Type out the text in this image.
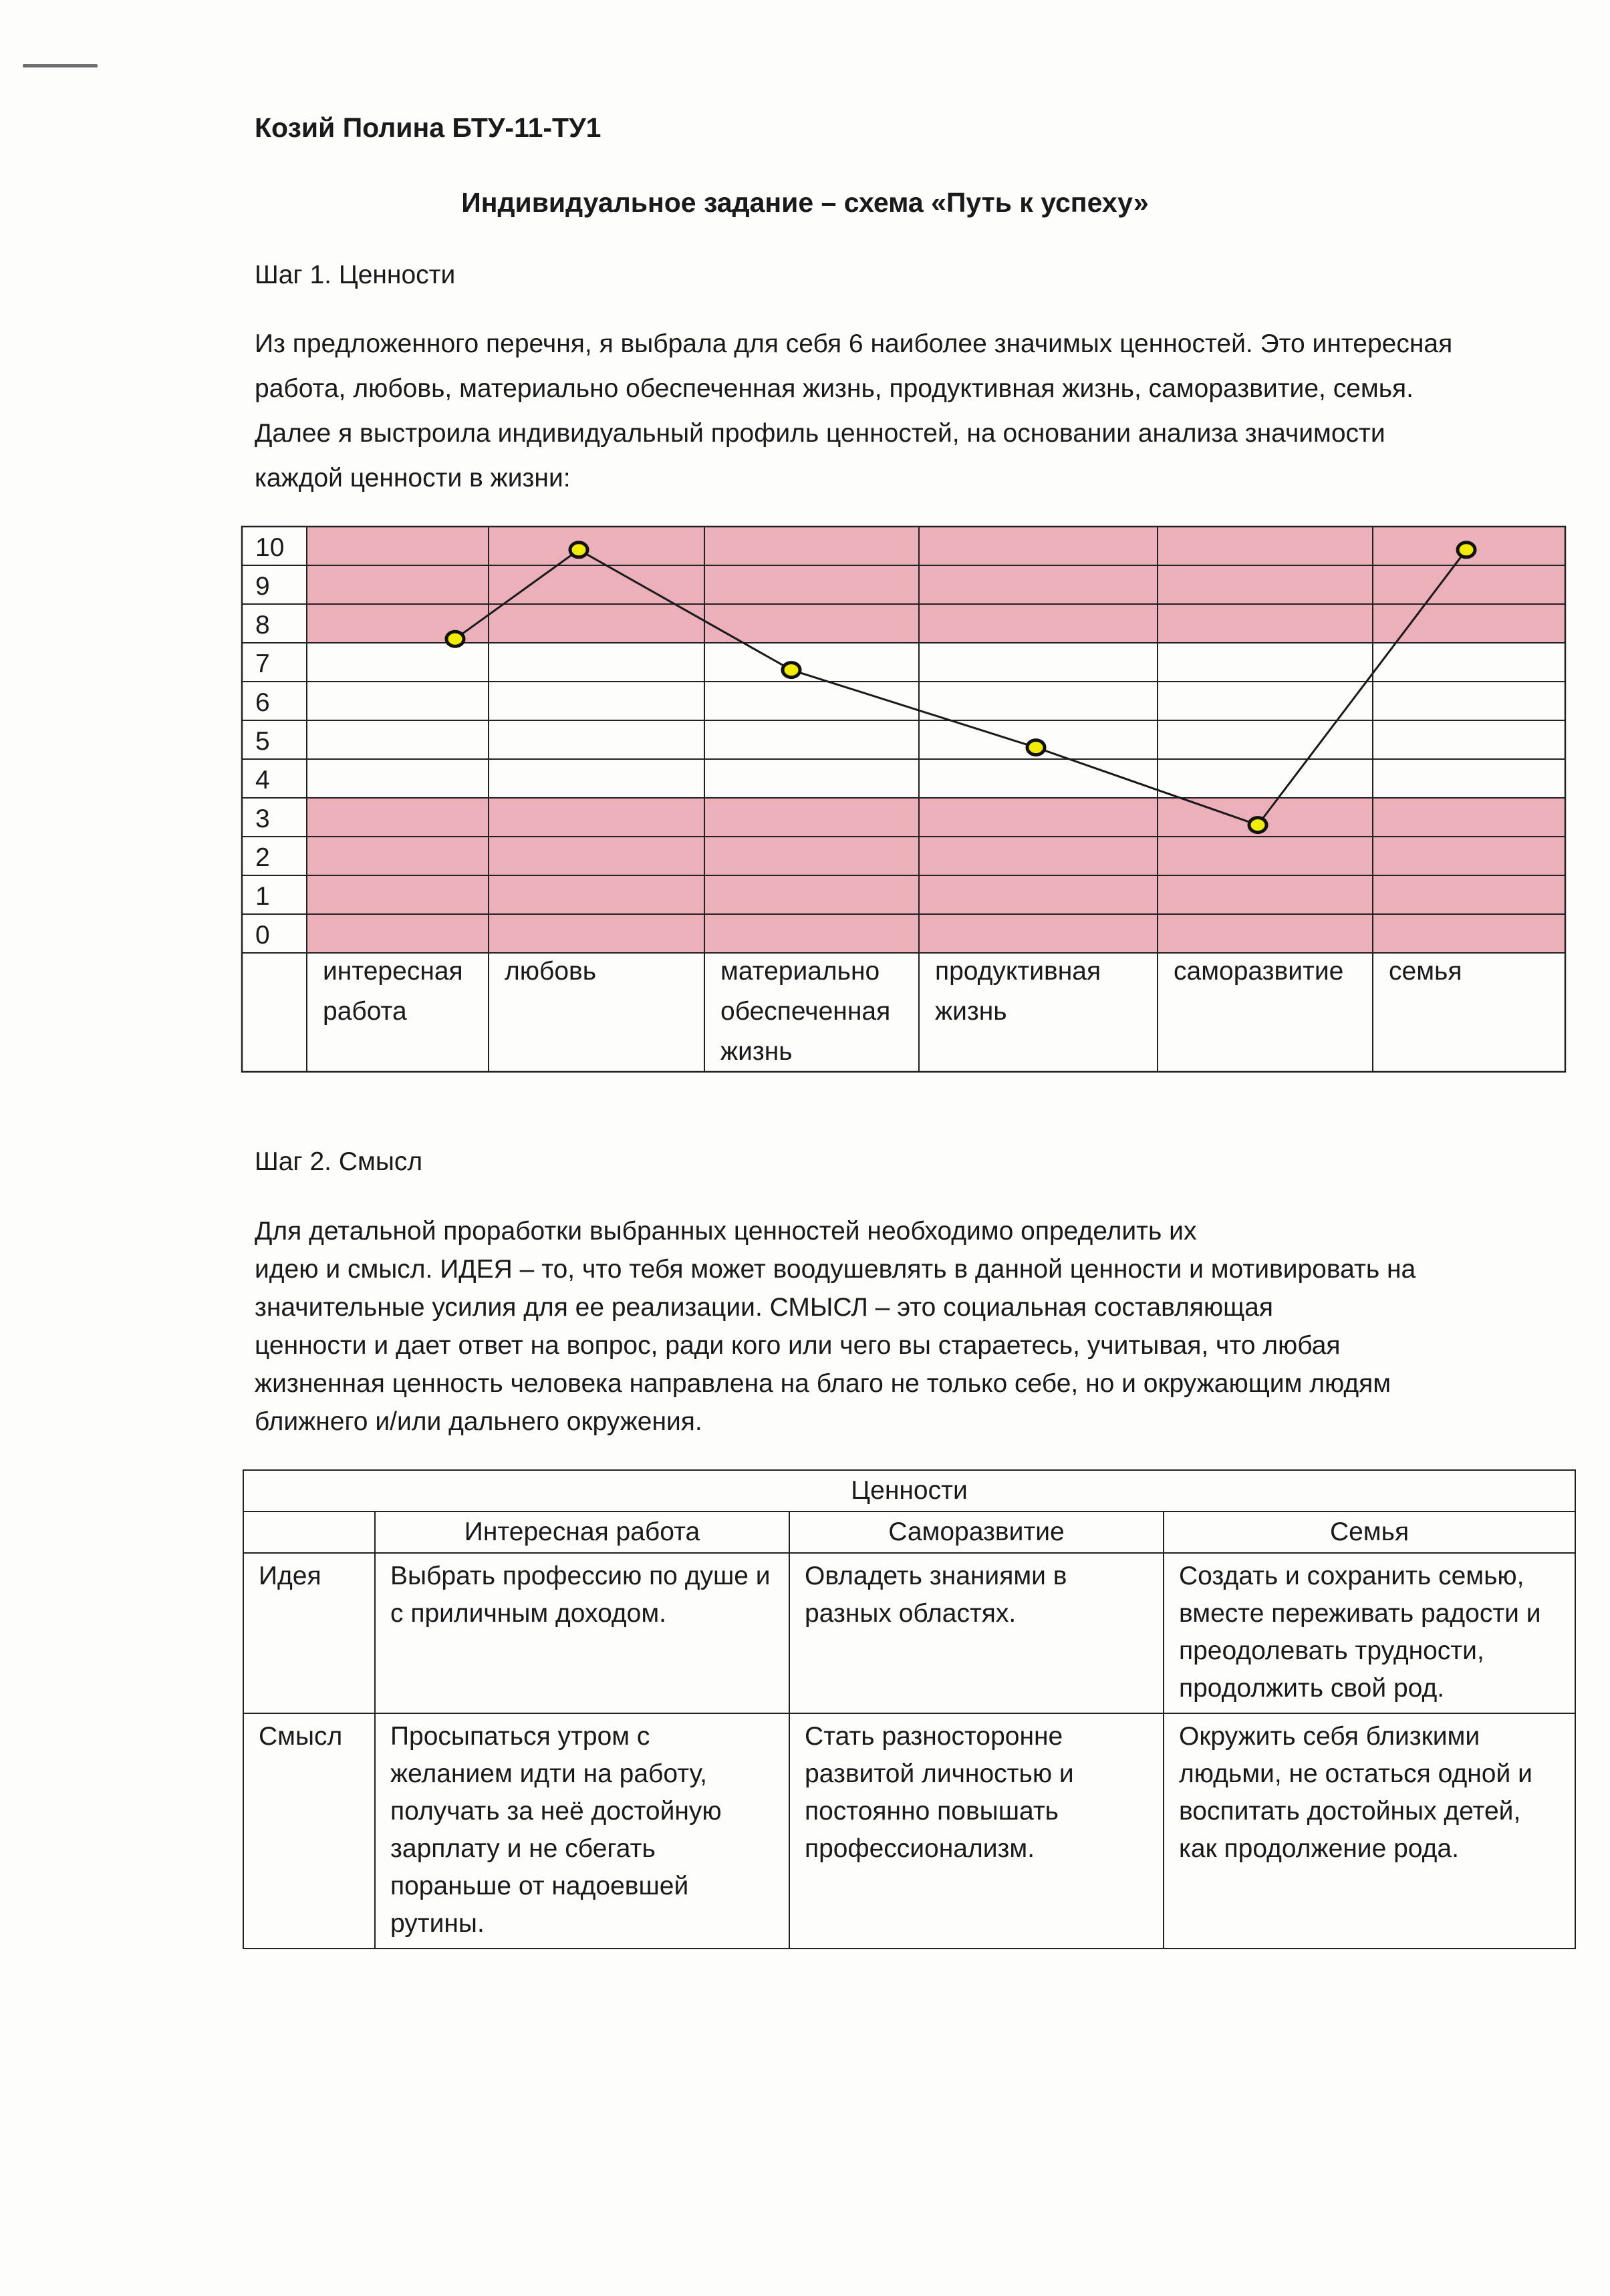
Козий Полина БТУ-11-ТУ1
Индивидуальное задание – схема «Путь к успеху»
Шаг 1. Ценности

Из предложенного перечня, я выбрала для себя 6 наиболее значимых ценностей. Это интересная

работа, любовь, материально обеспеченная жизнь, продуктивная жизнь, саморазвитие, семья.

Далее я выстроила индивидуальный профиль ценностей, на основании анализа значимости

каждой ценности в жизни:

10
9
8
7
6
5
4
3
2
1
0
интересная
работа
любовь	материально
обеспеченная
жизнь
продуктивная
жизнь
саморазвитие семья
Шаг 2. Смысл

Для детальной проработки выбранных ценностей необходимо определить их

идею и смысл. ИДЕЯ – то, что тебя может воодушевлять в данной ценности и мотивировать на

значительные усилия для ее реализации. СМЫСЛ – это социальная составляющая

ценности и дает ответ на вопрос, ради кого или чего вы стараетесь, учитывая, что любая

жизненная ценность человека направлена на благо не только себе, но и окружающим людям

ближнего и/или дальнего окружения.

Ценности			
	Интересная работа	Саморазвитие	Семья
Идея	Выбрать профессию по душе и с приличным доходом.	Овладеть знаниями в разных областях.	Создать и сохранить семью, вместе переживать радости и преодолевать трудности, продолжить свой род.
Смысл	Просыпаться утром с желанием идти на работу, получать за неё достойную зарплату и не сбегать пораньше от надоевшей рутины.	Стать разносторонне развитой личностью и постоянно повышать профессионализм.	Окружить себя близкими людьми, не остаться одной и воспитать достойных детей, как продолжение рода.
